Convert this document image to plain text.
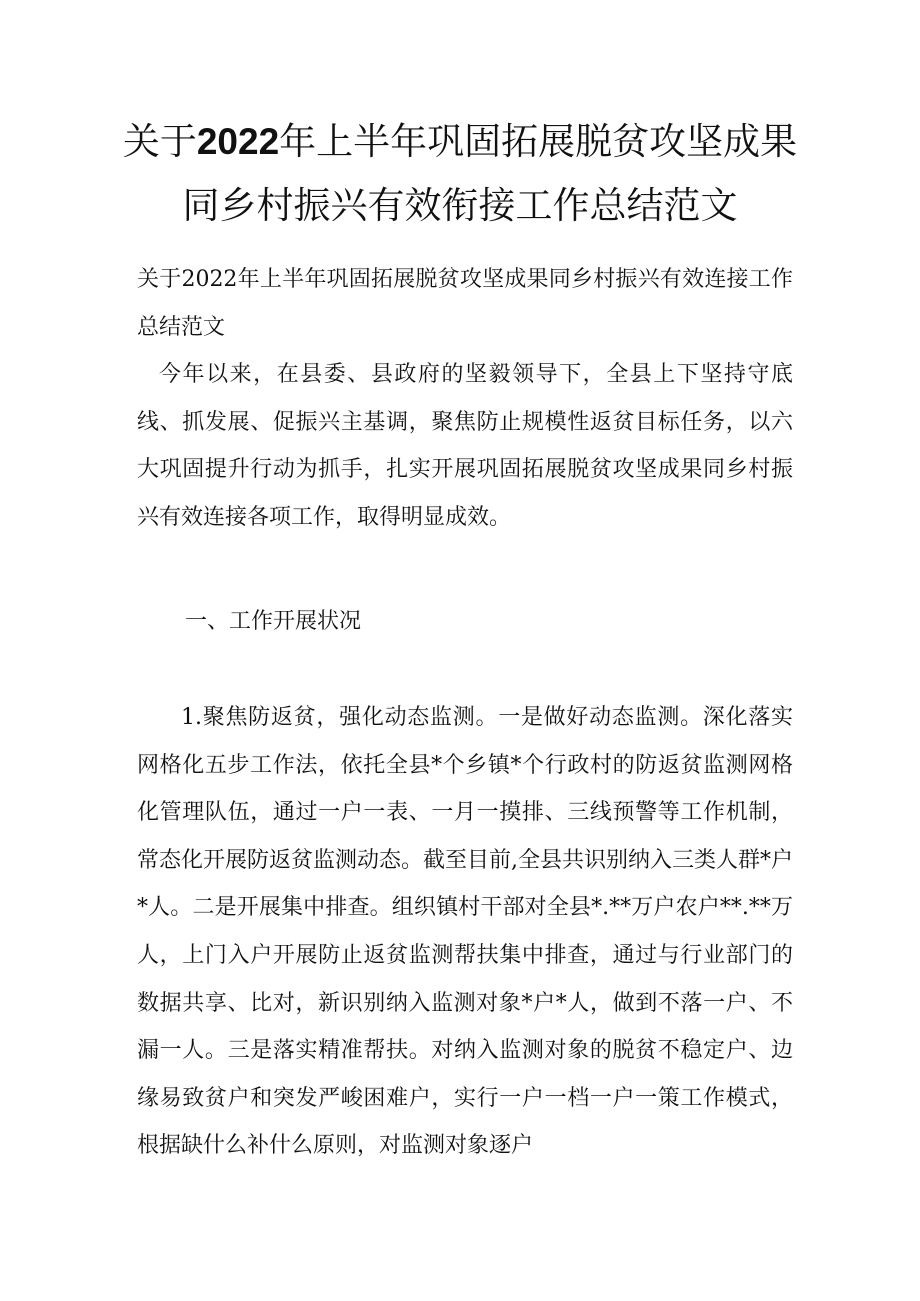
关于2022年上半年巩固拓展脱贫攻坚成果
同乡村振兴有效衔接工作总结范文
关于2022年上半年巩固拓展脱贫攻坚成果同乡村振兴有效连接工作总结范文
今年以来，在县委、县政府的坚毅领导下，全县上下坚持守底线、抓发展、促振兴主基调，聚焦防止规模性返贫目标任务，以六大巩固提升行动为抓手，扎实开展巩固拓展脱贫攻坚成果同乡村振兴有效连接各项工作，取得明显成效。
一、工作开展状况
1.聚焦防返贫，强化动态监测。一是做好动态监测。深化落实网格化五步工作法，依托全县*个乡镇*个行政村的防返贫监测网格化管理队伍，通过一户一表、一月一摸排、三线预警等工作机制，常态化开展防返贫监测动态。截至目前,全县共识别纳入三类人群*户*人。二是开展集中排查。组织镇村干部对全县*.**万户农户**.**万人，上门入户开展防止返贫监测帮扶集中排查，通过与行业部门的数据共享、比对，新识别纳入监测对象*户*人，做到不落一户、不漏一人。三是落实精准帮扶。对纳入监测对象的脱贫不稳定户、边缘易致贫户和突发严峻困难户，实行一户一档一户一策工作模式，根据缺什么补什么原则，对监测对象逐户
